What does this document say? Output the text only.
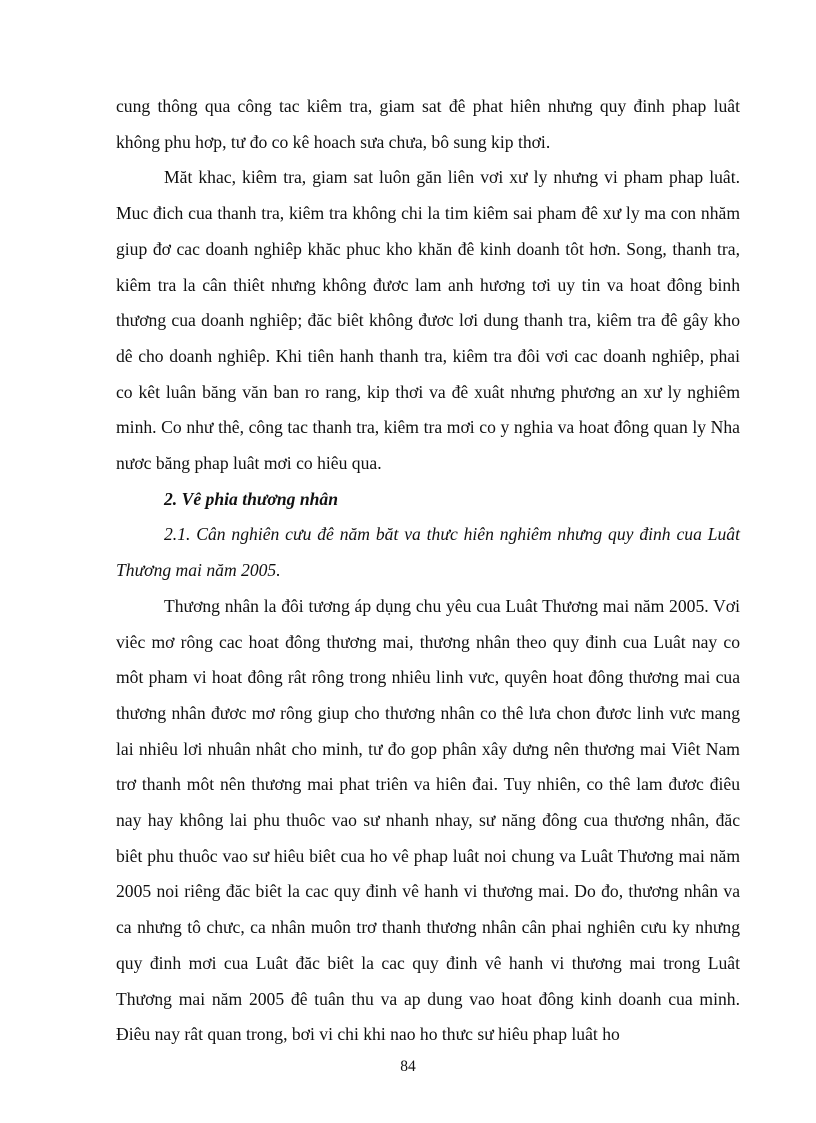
cung thông qua công tac kiêm tra, giam sat đê phat hiên nhưng quy đinh phap luât không phu hơp, tư đo co kê hoach sưa chưa, bô sung kip thơi.

Măt khac, kiêm tra, giam sat luôn găn liên vơi xư ly nhưng vi pham phap luât. Muc đich cua thanh tra, kiêm tra không chi la tim kiêm sai pham đê xư ly ma con nhăm giup đơ cac doanh nghiêp khăc phuc kho khăn đê kinh doanh tôt hơn. Song, thanh tra, kiêm tra la cân thiêt nhưng không đươc lam anh hương tơi uy tin va hoat đông binh thương cua doanh nghiêp; đăc biêt không đươc lơi dung thanh tra, kiêm tra đê gây kho dê cho doanh nghiêp. Khi tiên hanh thanh tra, kiêm tra đôi vơi cac doanh nghiêp, phai co kêt luân băng văn ban ro rang, kip thơi va đê xuât nhưng phương an xư ly nghiêm minh. Co như thê, công tac thanh tra, kiêm tra mơi co y nghia va hoat đông quan ly Nha nươc băng phap luât mơi co hiêu qua.

2. Vê phia thương nhân

2.1. Cân nghiên cưu đê năm băt va thưc hiên nghiêm nhưng quy đinh cua Luât Thương mai năm 2005.

Thương nhân la đôi tương áp dụng chu yêu cua Luât Thương mai năm 2005. Vơi viêc mơ rông cac hoat đông thương mai, thương nhân theo quy đinh cua Luât nay co môt pham vi hoat đông rât rông trong nhiêu linh vưc, quyên hoat đông thương mai cua thương nhân đươc mơ rông giup cho thương nhân co thê lưa chon đươc linh vưc mang lai nhiêu lơi nhuân nhât cho minh, tư đo gop phân xây dưng nên thương mai Viêt Nam trơ thanh môt nên thương mai phat triên va hiên đai. Tuy nhiên, co thê lam đươc điêu nay hay không lai phu thuôc vao sư nhanh nhay, sư năng đông cua thương nhân, đăc biêt phu thuôc vao sư hiêu biêt cua ho vê phap luât noi chung va Luât Thương mai năm 2005 noi riêng đăc biêt la cac quy đinh vê hanh vi thương mai. Do đo, thương nhân va ca nhưng tô chưc, ca nhân muôn trơ thanh thương nhân cân phai nghiên cưu ky nhưng quy đinh mơi cua Luât đăc biêt la cac quy đinh vê hanh vi thương mai trong Luât Thương mai năm 2005 đê tuân thu va ap dung vao hoat đông kinh doanh cua minh. Điêu nay rât quan trong, bơi vi chi khi nao ho thưc sư hiêu phap luât ho

84
